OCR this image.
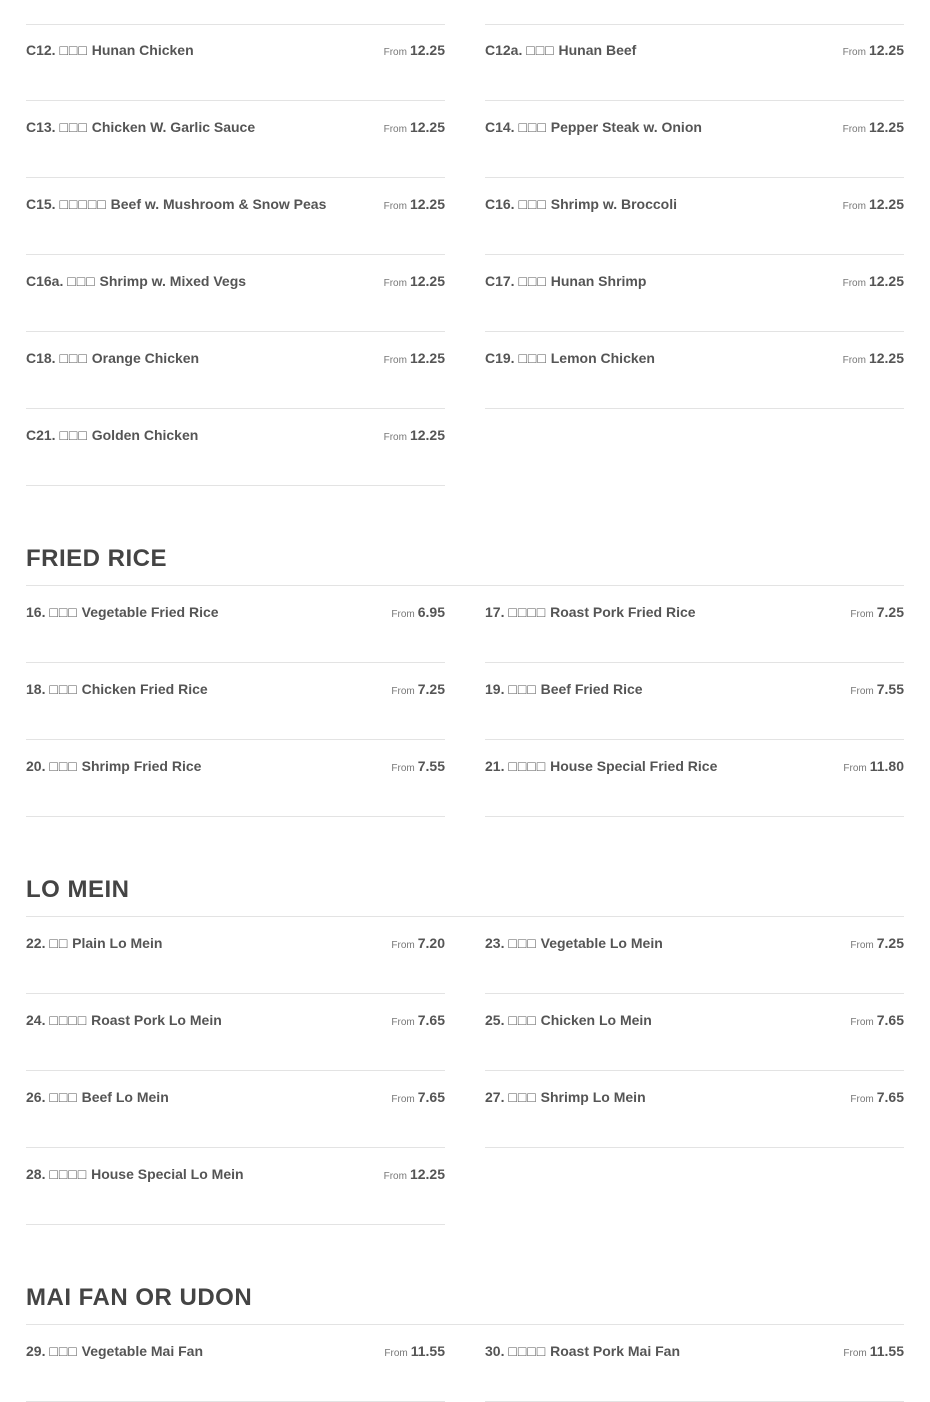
C12. □□□ Hunan Chicken	From 12.25	C12a. □□□ Hunan Beef	From 12.25
C13. □□□ Chicken W. Garlic Sauce	From 12.25	C14. □□□ Pepper Steak w. Onion	From 12.25
C15. □□□□□ Beef w. Mushroom & Snow Peas	From 12.25	C16. □□□ Shrimp w. Broccoli	From 12.25
C16a. □□□ Shrimp w. Mixed Vegs	From 12.25	C17. □□□ Hunan Shrimp	From 12.25
C18. □□□ Orange Chicken	From 12.25	C19. □□□ Lemon Chicken	From 12.25
C21. □□□ Golden Chicken	From 12.25
FRIED RICE
16. □□□ Vegetable Fried Rice	From 6.95	17. □□□□ Roast Pork Fried Rice	From 7.25
18. □□□ Chicken Fried Rice	From 7.25	19. □□□ Beef Fried Rice	From 7.55
20. □□□ Shrimp Fried Rice	From 7.55	21. □□□□ House Special Fried Rice	From 11.80
LO MEIN
22. □□ Plain Lo Mein	From 7.20	23. □□□ Vegetable Lo Mein	From 7.25
24. □□□□ Roast Pork Lo Mein	From 7.65	25. □□□ Chicken Lo Mein	From 7.65
26. □□□ Beef Lo Mein	From 7.65	27. □□□ Shrimp Lo Mein	From 7.65
28. □□□□ House Special Lo Mein	From 12.25
MAI FAN OR UDON
29. □□□ Vegetable Mai Fan	From 11.55	30. □□□□ Roast Pork Mai Fan	From 11.55
